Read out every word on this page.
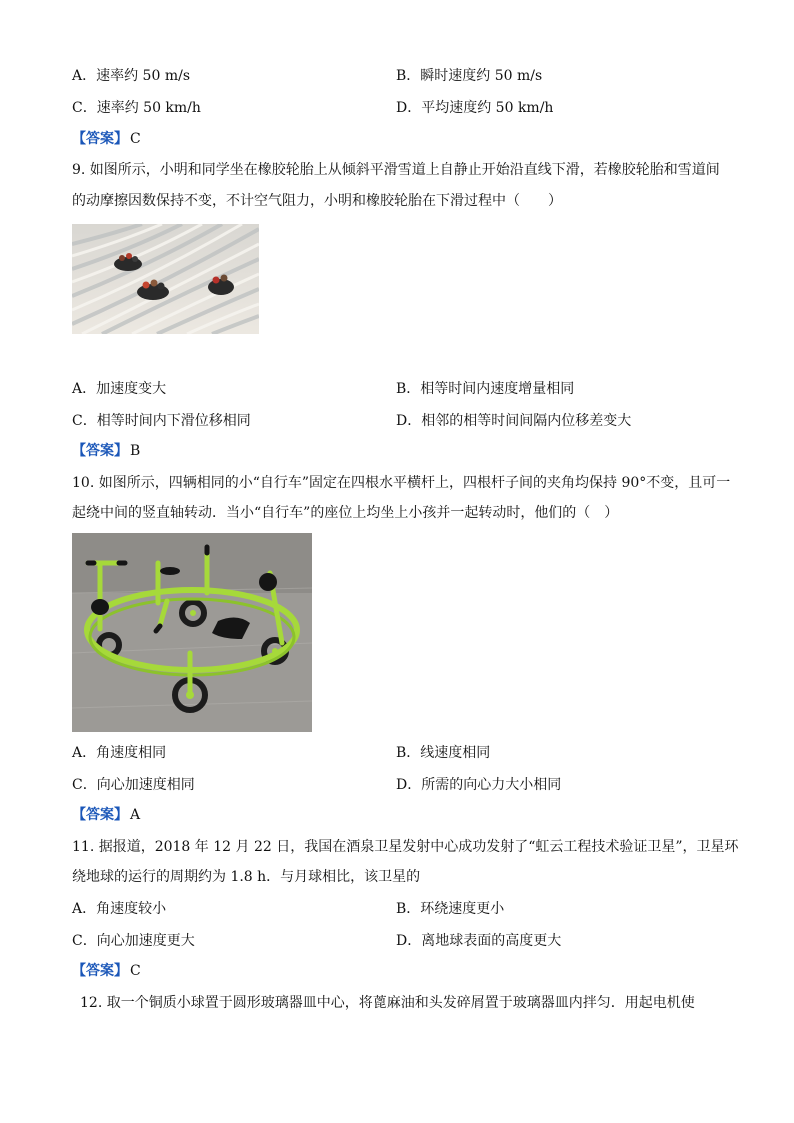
A．速率约 50 m/s	B．瞬时速度约 50 m/s
C．速率约 50 km/h	D．平均速度约 50 km/h
【答案】 C
9. 如图所示，小明和同学坐在橡胶轮胎上从倾斜平滑雪道上自静止开始沿直线下滑，若橡胶轮胎和雪道间
的动摩擦因数保持不变，不计空气阻力，小明和橡胶轮胎在下滑过程中（　　）
A．加速度变大	B．相等时间内速度增量相同
C．相等时间内下滑位移相同	D．相邻的相等时间间隔内位移差变大
【答案】 B
10. 如图所示，四辆相同的小“自行车”固定在四根水平横杆上，四根杆子间的夹角均保持 90°不变，且可一
起绕中间的竖直轴转动．当小“自行车”的座位上均坐上小孩并一起转动时，他们的（　）
A．角速度相同	B．线速度相同
C．向心加速度相同	D．所需的向心力大小相同
【答案】 A
11. 据报道，2018 年 12 月 22 日，我国在酒泉卫星发射中心成功发射了“虹云工程技术验证卫星”，卫星环
绕地球的运行的周期约为 1.8 h．与月球相比，该卫星的
A．角速度较小	B．环绕速度更小
C．向心加速度更大	D．离地球表面的高度更大
【答案】 C
12. 取一个铜质小球置于圆形玻璃器皿中心，将蓖麻油和头发碎屑置于玻璃器皿内拌匀．用起电机使
